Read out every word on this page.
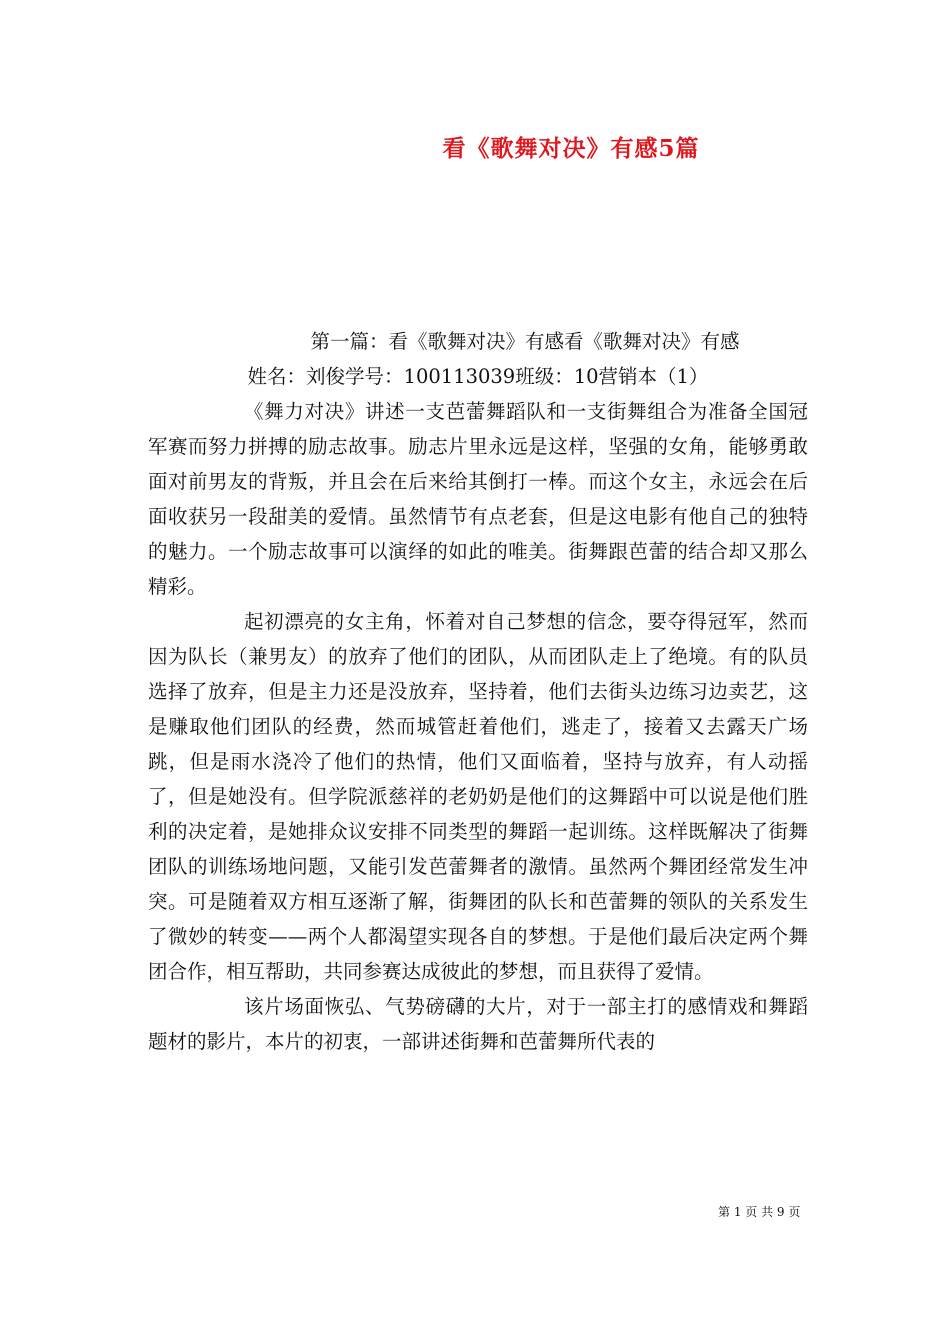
看《歌舞对决》有感5篇

第一篇：看《歌舞对决》有感看《歌舞对决》有感

姓名：刘俊学号：100113039班级：10营销本（1）

《舞力对决》讲述一支芭蕾舞蹈队和一支街舞组合为准备全国冠军赛而努力拼搏的励志故事。励志片里永远是这样，坚强的女角，能够勇敢面对前男友的背叛，并且会在后来给其倒打一棒。而这个女主，永远会在后面收获另一段甜美的爱情。虽然情节有点老套，但是这电影有他自己的独特的魅力。一个励志故事可以演绎的如此的唯美。街舞跟芭蕾的结合却又那么精彩。

起初漂亮的女主角，怀着对自己梦想的信念，要夺得冠军，然而因为队长（兼男友）的放弃了他们的团队，从而团队走上了绝境。有的队员选择了放弃，但是主力还是没放弃，坚持着，他们去街头边练习边卖艺，这是赚取他们团队的经费，然而城管赶着他们，逃走了，接着又去露天广场跳，但是雨水浇冷了他们的热情，他们又面临着，坚持与放弃，有人动摇了，但是她没有。但学院派慈祥的老奶奶是他们的这舞蹈中可以说是他们胜利的决定着，是她排众议安排不同类型的舞蹈一起训练。这样既解决了街舞团队的训练场地问题，又能引发芭蕾舞者的激情。虽然两个舞团经常发生冲突。可是随着双方相互逐渐了解，街舞团的队长和芭蕾舞的领队的关系发生了微妙的转变——两个人都渴望实现各自的梦想。于是他们最后决定两个舞团合作，相互帮助，共同参赛达成彼此的梦想，而且获得了爱情。

该片场面恢弘、气势磅礴的大片，对于一部主打的感情戏和舞蹈题材的影片，本片的初衷，一部讲述街舞和芭蕾舞所代表的

第 1 页 共 9 页
